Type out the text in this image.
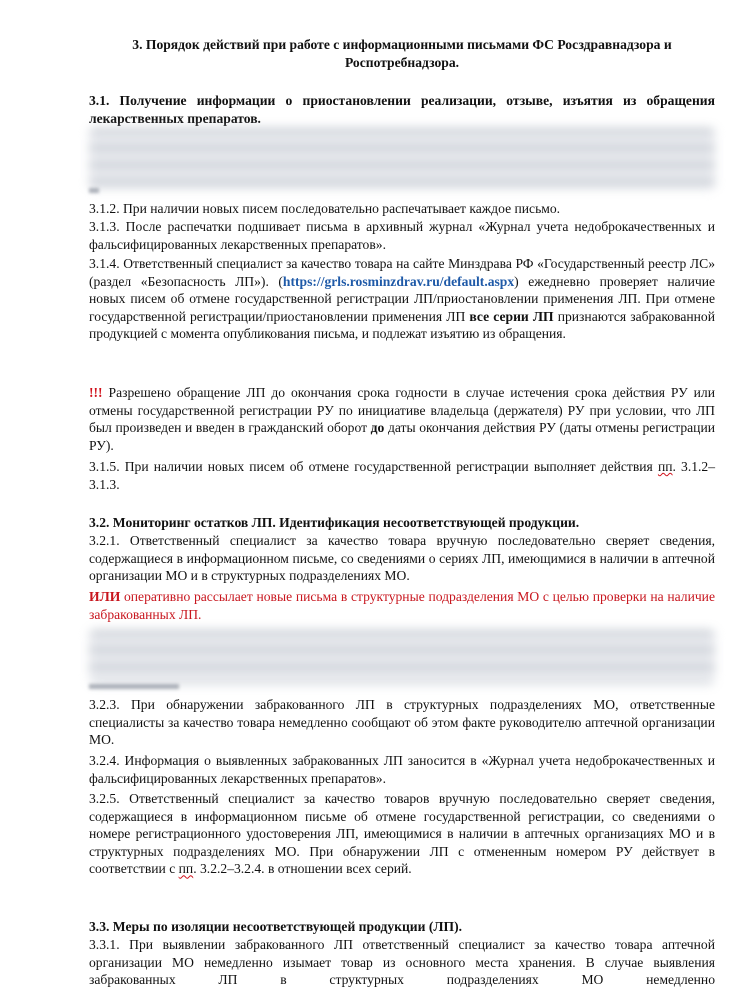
3. Порядок действий при работе с информационными письмами ФС Росздравнадзора и Роспотребнадзора.
3.1. Получение информации о приостановлении реализации, отзыве, изъятия из обращения лекарственных препаратов.
3.1.2. При наличии новых писем последовательно распечатывает каждое письмо.
3.1.3. После распечатки подшивает письма в архивный журнал «Журнал учета недоброкачественных и фальсифицированных лекарственных препаратов».
3.1.4. Ответственный специалист за качество товара на сайте Минздрава РФ «Государственный реестр ЛС» (раздел «Безопасность ЛП»). (https://grls.rosminzdrav.ru/default.aspx) ежедневно проверяет наличие новых писем об отмене государственной регистрации ЛП/приостановлении применения ЛП. При отмене государственной регистрации/приостановлении применения ЛП все серии ЛП признаются забракованной продукцией с момента опубликования письма, и подлежат изъятию из обращения.
!!! Разрешено обращение ЛП до окончания срока годности в случае истечения срока действия РУ или отмены государственной регистрации РУ по инициативе владельца (держателя) РУ при условии, что ЛП был произведен и введен в гражданский оборот до даты окончания действия РУ (даты отмены регистрации РУ).
3.1.5. При наличии новых писем об отмене государственной регистрации выполняет действия пп. 3.1.2–3.1.3.
3.2. Мониторинг остатков ЛП. Идентификация несоответствующей продукции.
3.2.1. Ответственный специалист за качество товара вручную последовательно сверяет сведения, содержащиеся в информационном письме, со сведениями о сериях ЛП, имеющимися в наличии в аптечной организации МО и в структурных подразделениях МО.
ИЛИ оперативно рассылает новые письма в структурные подразделения МО с целью проверки на наличие забракованных ЛП.
3.2.3. При обнаружении забракованного ЛП в структурных подразделениях МО, ответственные специалисты за качество товара немедленно сообщают об этом факте руководителю аптечной организации МО.
3.2.4. Информация о выявленных забракованных ЛП заносится в «Журнал учета недоброкачественных и фальсифицированных лекарственных препаратов».
3.2.5. Ответственный специалист за качество товаров вручную последовательно сверяет сведения, содержащиеся в информационном письме об отмене государственной регистрации, со сведениями о номере регистрационного удостоверения ЛП, имеющимися в наличии в аптечных организациях МО и в структурных подразделениях МО. При обнаружении ЛП с отмененным номером РУ действует в соответствии с пп. 3.2.2–3.2.4. в отношении всех серий.
3.3. Меры по изоляции несоответствующей продукции (ЛП).
3.3.1. При выявлении забракованного ЛП ответственный специалист за качество товара аптечной организации МО немедленно изымает товар из основного места хранения. В случае выявления забракованных ЛП в структурных подразделениях МО немедленно
